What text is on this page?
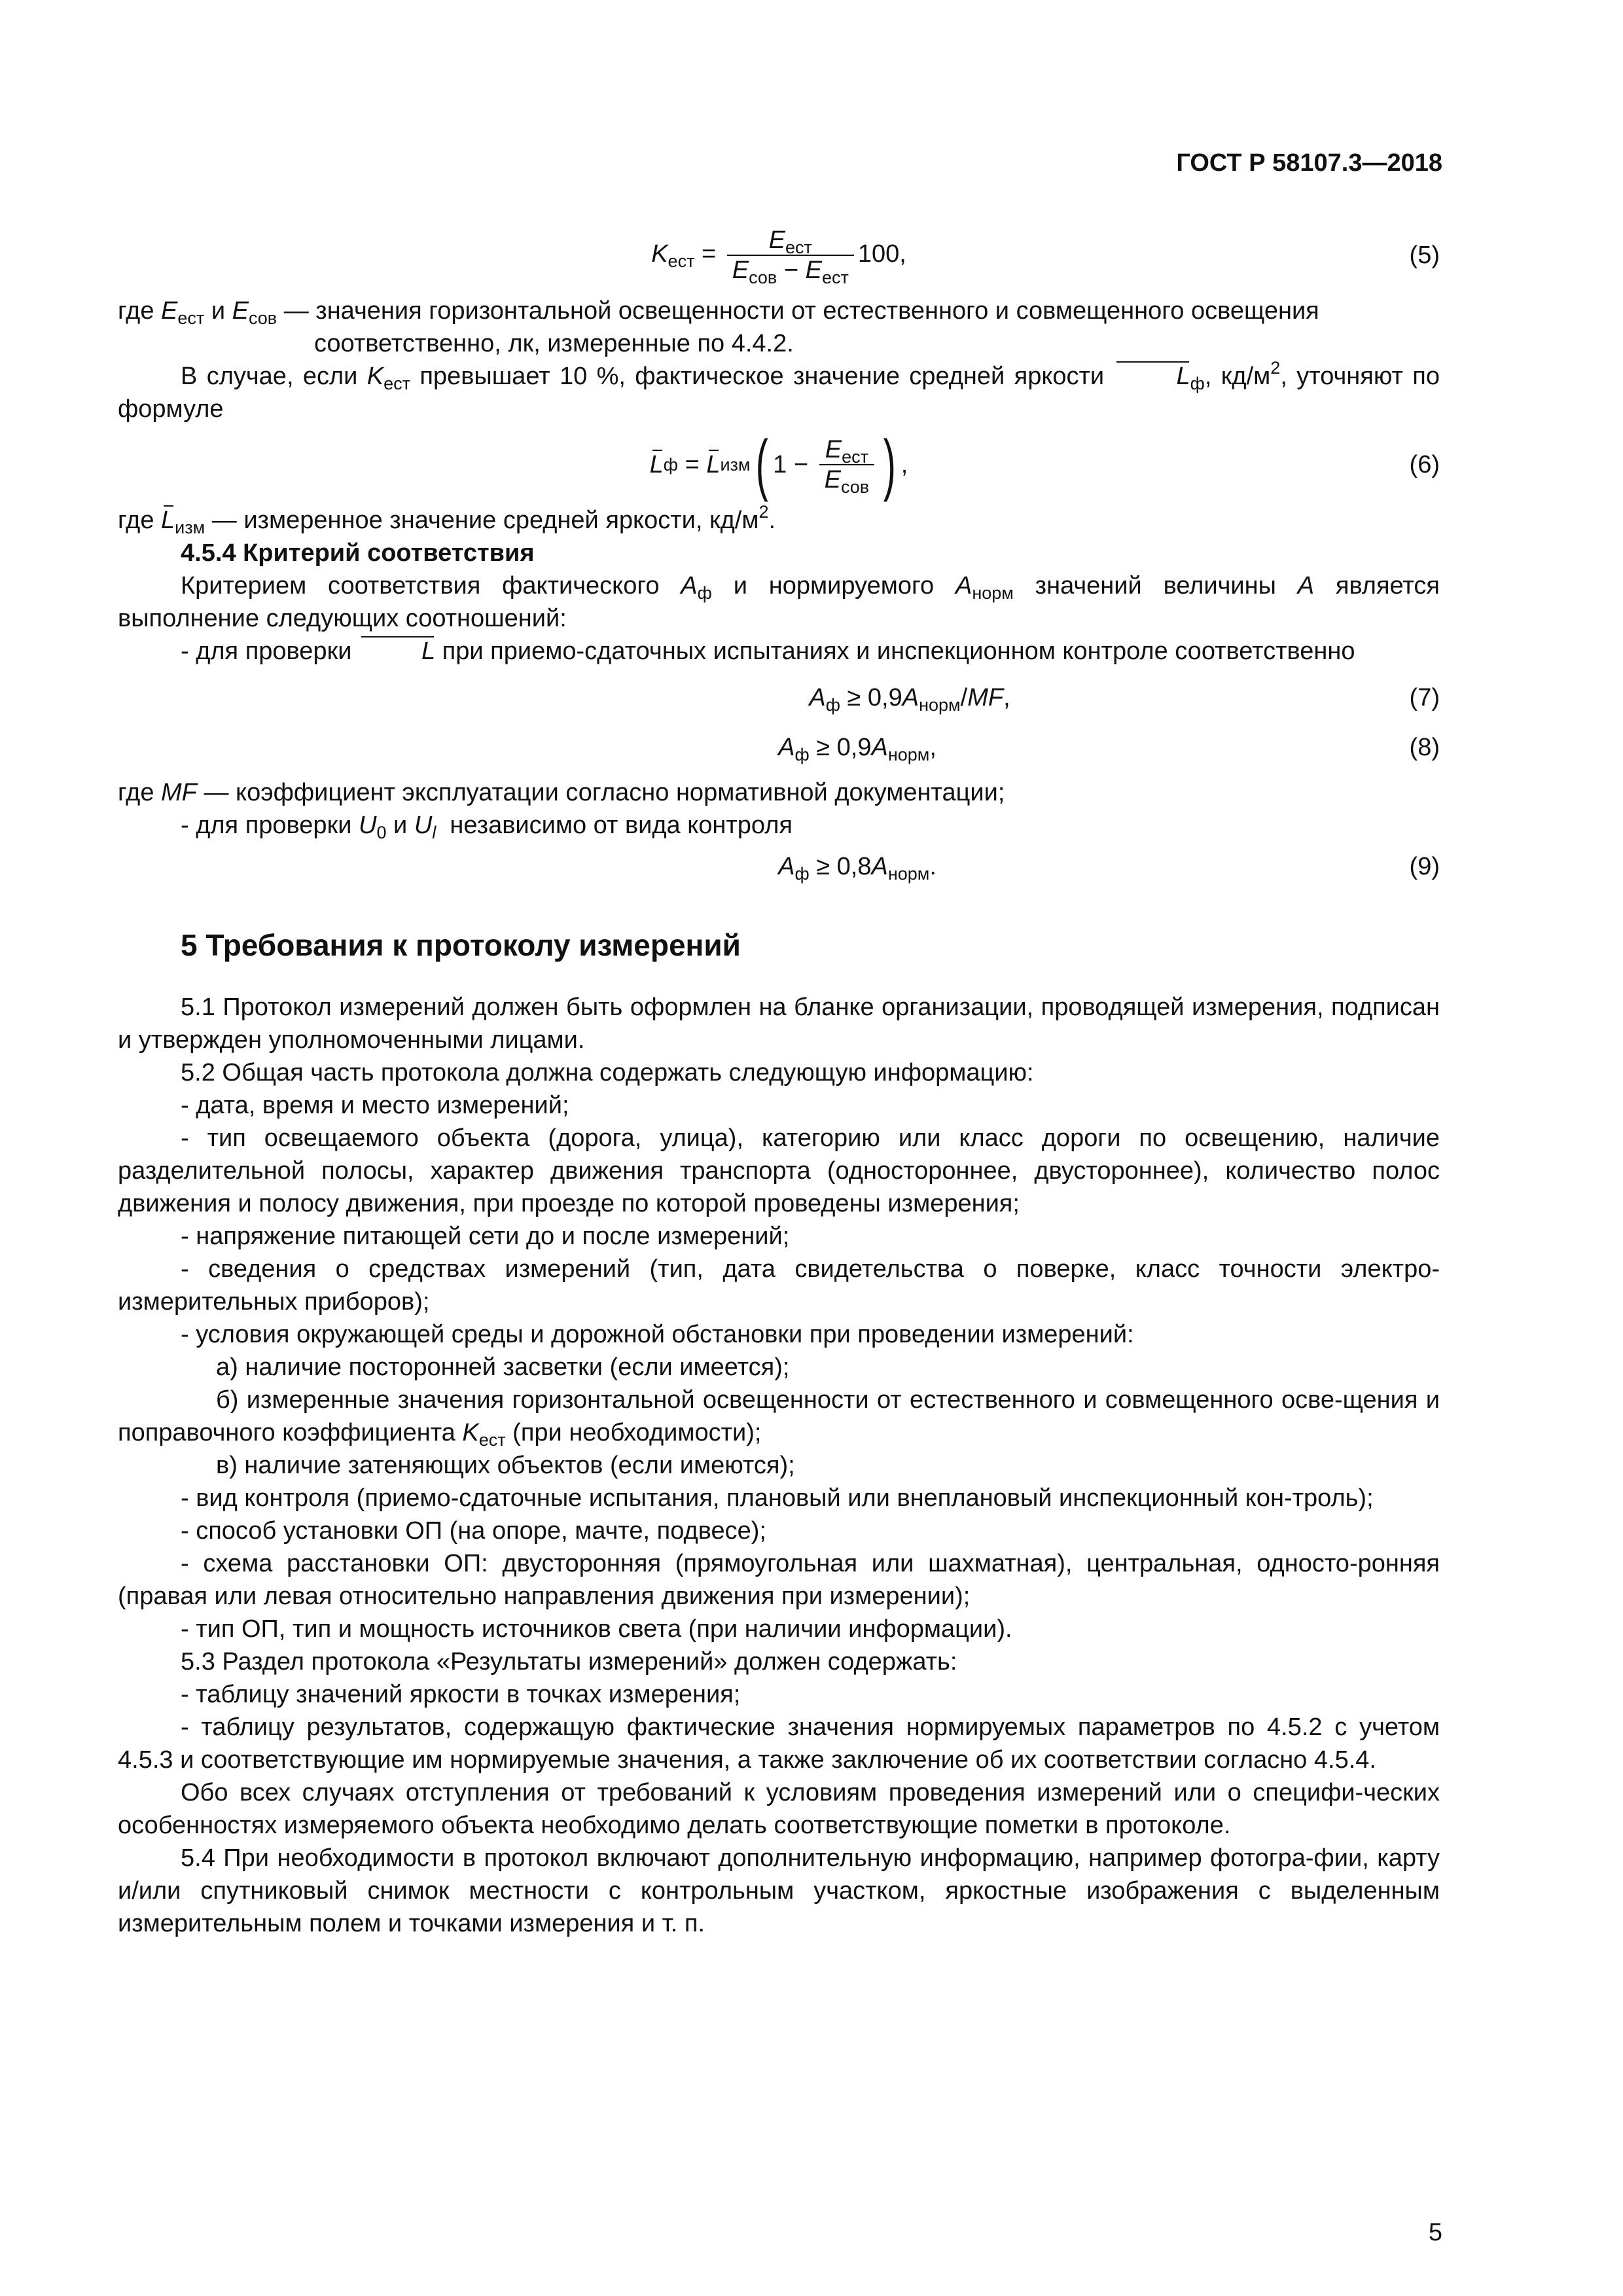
ГОСТ Р 58107.3—2018
$K_{ест} = \frac{E_{ест}}{E_{сов} - E_{ест}} 100$,	(5)

где $E_{ест}$ и $E_{сов}$ — значения горизонтальной освещенности от естественного и совмещенного освещения

соответственно, лк, измеренные по 4.4.2.

В случае, если $K_{ест}$ превышает 10 %, фактическое значение средней яркости	$L_ф$, $кд/м^2$, уточняют по формуле

L ф = L изм ( $1 - \frac{E_{ест}}{E_{сов}}$ ) ,	(6)

где $L_{изм}$ — измеренное значение средней яркости, $кд/м^2$.

4.5.4 Критерий соответствия

Критерием соответствия фактического $A_ф$ и нормируемого $A_{норм}$ значений величины A является выполнение следующих соотношений:

- для проверки	L при приемо-сдаточных испытаниях и инспекционном контроле соответственно

$A_ф \ge 0,9A_{норм}/MF$,	(7)
$A_ф \ge 0,9A_{норм}$,	(8)

где MF — коэффициент эксплуатации согласно нормативной документации;

- для проверки $U_0$ и $U_l$  независимо от вида контроля

$A_ф \ge 0,8A_{норм}$.	(9)
5 Требования к протоколу измерений

5.1 Протокол измерений должен быть оформлен на бланке организации, проводящей измерения, подписан и утвержден уполномоченными лицами.

5.2 Общая часть протокола должна содержать следующую информацию:

- дата, время и место измерений;

- тип освещаемого объекта (дорога, улица), категорию или класс дороги по освещению, наличие разделительной полосы, характер движения транспорта (одностороннее, двустороннее), количество полос движения и полосу движения, при проезде по которой проведены измерения;

- напряжение питающей сети до и после измерений;

- сведения о средствах измерений (тип, дата свидетельства о поверке, класс точности электро-измерительных приборов);

- условия окружающей среды и дорожной обстановки при проведении измерений:

а) наличие посторонней засветки (если имеется);

б) измеренные значения горизонтальной освещенности от естественного и совмещенного осве-щения и поправочного коэффициента $K_{ест}$ (при необходимости);

в) наличие затеняющих объектов (если имеются);

- вид контроля (приемо-сдаточные испытания, плановый или внеплановый инспекционный кон-троль);

- способ установки ОП (на опоре, мачте, подвесе);

- схема расстановки ОП: двусторонняя (прямоугольная или шахматная), центральная, односто-ронняя (правая или левая относительно направления движения при измерении);

- тип ОП, тип и мощность источников света (при наличии информации).

5.3 Раздел протокола «Результаты измерений» должен содержать:

- таблицу значений яркости в точках измерения;

- таблицу результатов, содержащую фактические значения нормируемых параметров по 4.5.2 с учетом 4.5.3 и соответствующие им нормируемые значения, а также заключение об их соответствии согласно 4.5.4.

Обо всех случаях отступления от требований к условиям проведения измерений или о специфи-ческих особенностях измеряемого объекта необходимо делать соответствующие пометки в протоколе.

5.4 При необходимости в протокол включают дополнительную информацию, например фотогра-фии, карту и/или спутниковый снимок местности с контрольным участком, яркостные изображения с выделенным измерительным полем и точками измерения и т. п.

5
